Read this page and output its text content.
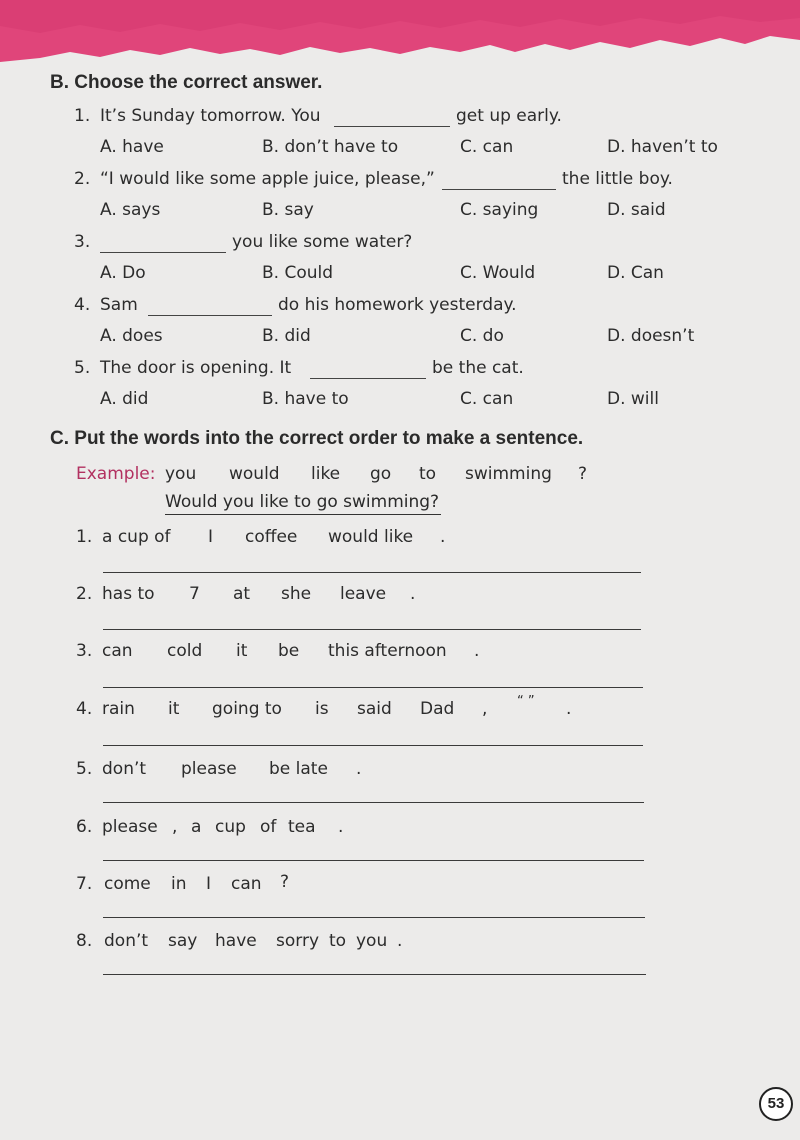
B. Choose the correct answer.
1. It’s Sunday tomorrow. You	get up early.
A. have	B. don’t have to	C. can	D. haven’t to
2. “I would like some apple juice, please,”	the little boy.
A. says	B. say	C. saying	D. said
3.	you like some water?
A. Do	B. Could	C. Would	D. Can
4. Sam	do his homework yesterday.
A. does	B. did	C. do	D. doesn’t
5. The door is opening. It	be the cat.
A. did	B. have to	C. can	D. will
C. Put the words into the correct order to make a sentence.
Example: you would like go to swimming ?
Would you like to go swimming?
1. a cup of I coffee would like .
2. has to 7 at she leave .
3. can cold it be this afternoon .
4. rain it going to is said Dad , “ ” .
5. don’t please be late .
6. please , a cup of tea .
7. come in I can ?
8. don’t say have sorry to you .
53
